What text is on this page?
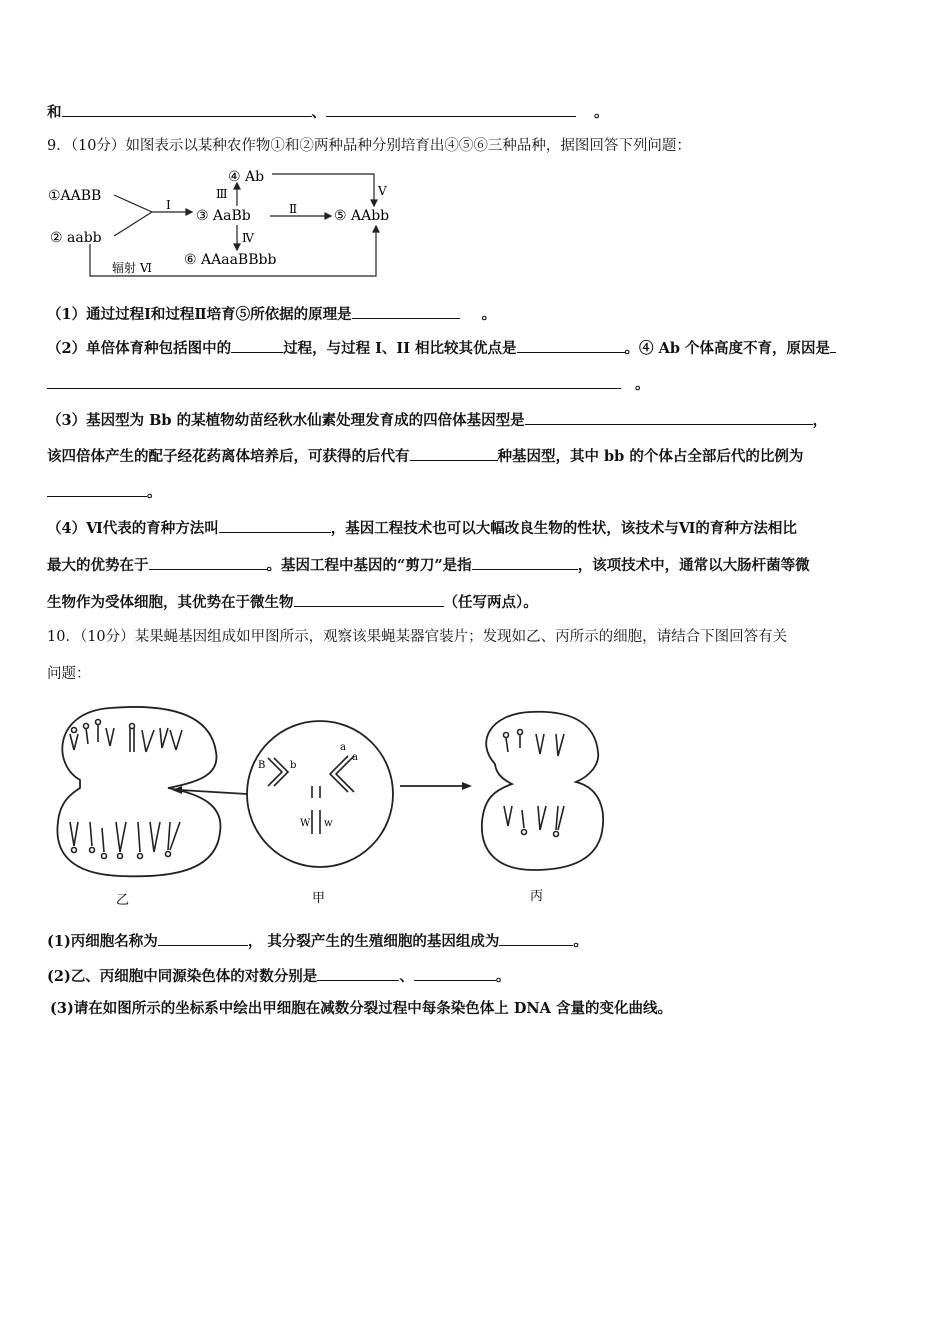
和	、	。
9．（10分）如图表示以某种农作物①和②两种品种分别培育出④⑤⑥三种品种，据图回答下列问题：
①AABB
② aabb
③ AaBb
④ Ab
⑤ AAbb
⑥ AAaaBBbb
Ⅰ	Ⅱ
Ⅲ
Ⅳ
Ⅴ
辐射 Ⅵ
（1）通过过程Ⅰ和过程Ⅱ培育⑤所依据的原理是	。
（2）单倍体育种包括图中的	过程，与过程 I、II 相比较其优点是	。④ Ab 个体高度不育，原因是
。
（3）基因型为 Bb 的某植物幼苗经秋水仙素处理发育成的四倍体基因型是	，
该四倍体产生的配子经花药离体培养后，可获得的后代有	种基因型，其中 bb 的个体占全部后代的比例为
。
（4）Ⅵ代表的育种方法叫	，基因工程技术也可以大幅改良生物的性状，该技术与Ⅵ的育种方法相比
最大的优势在于	。基因工程中基因的“剪刀”是指	，该项技术中，通常以大肠杆菌等微
生物作为受体细胞，其优势在于微生物	（任写两点）。
10．（10分）某果蝇基因组成如甲图所示，观察该果蝇某器官装片；发现如乙、丙所示的细胞，请结合下图回答有关
问题：
B b
a
a
W w
乙	甲	丙
(1)丙细胞名称为	， 其分裂产生的生殖细胞的基因组成为	。
(2)乙、丙细胞中同源染色体的对数分别是	、	。
(3)请在如图所示的坐标系中绘出甲细胞在减数分裂过程中每条染色体上 DNA 含量的变化曲线。
